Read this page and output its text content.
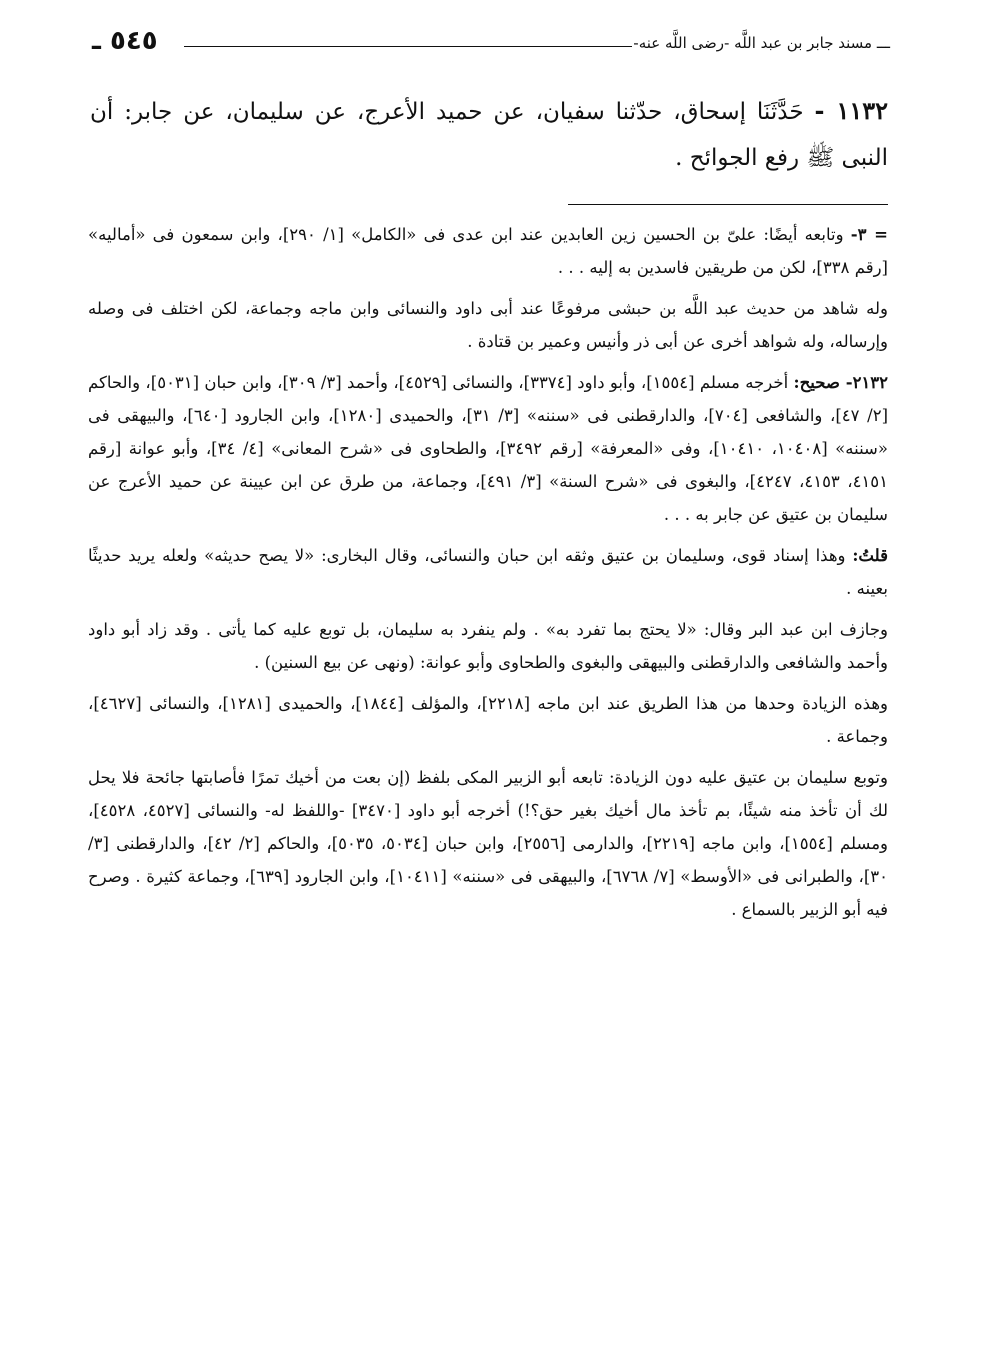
ـــ مسند جابر بن عبد اللَّه -رضى اللَّه عنه-
٥٤٥ ـ
١١٣٢ - حَدَّثَنَا إسحاق، حدّثنا سفيان، عن حميد الأعرج، عن سليمان، عن جابر: أن النبى ﷺ رفع الجوائح .

= ٣- وتابعه أيضًا: علىّ بن الحسين زين العابدين عند ابن عدى فى «الكامل» [١/ ٢٩٠]، وابن سمعون فى «أماليه» [رقم ٣٣٨]، لكن من طريقين فاسدين به إليه . . .

وله شاهد من حديث عبد اللَّه بن حبشى مرفوعًا عند أبى داود والنسائى وابن ماجه وجماعة، لكن اختلف فى وصله وإرساله، وله شواهد أخرى عن أبى ذر وأنيس وعمير بن قتادة .

٢١٣٢- صحيح: أخرجه مسلم [١٥٥٤]، وأبو داود [٣٣٧٤]، والنسائى [٤٥٢٩]، وأحمد [٣/ ٣٠٩]، وابن حبان [٥٠٣١]، والحاكم [٢/ ٤٧]، والشافعى [٧٠٤]، والدارقطنى فى «سننه» [٣/ ٣١]، والحميدى [١٢٨٠]، وابن الجارود [٦٤٠]، والبيهقى فى «سننه» [١٠٤٠٨، ١٠٤١٠]، وفى «المعرفة» [رقم ٣٤٩٢]، والطحاوى فى «شرح المعانى» [٤/ ٣٤]، وأبو عوانة [رقم ٤١٥١، ٤١٥٣، ٤٢٤٧]، والبغوى فى «شرح السنة» [٣/ ٤٩١]، وجماعة، من طرق عن ابن عيينة عن حميد الأعرج عن سليمان بن عتيق عن جابر به . . .

قلتُ: وهذا إسناد قوى، وسليمان بن عتيق وثقه ابن حبان والنسائى، وقال البخارى: «لا يصح حديثه» ولعله يريد حديثًا بعينه .

وجازف ابن عبد البر وقال: «لا يحتج بما تفرد به» . ولم ينفرد به سليمان، بل توبع عليه كما يأتى . وقد زاد أبو داود وأحمد والشافعى والدارقطنى والبيهقى والبغوى والطحاوى وأبو عوانة: (ونهى عن بيع السنين) .

وهذه الزيادة وحدها من هذا الطريق عند ابن ماجه [٢٢١٨]، والمؤلف [١٨٤٤]، والحميدى [١٢٨١]، والنسائى [٤٦٢٧]، وجماعة .

وتوبع سليمان بن عتيق عليه دون الزيادة: تابعه أبو الزبير المكى بلفظ (إن بعت من أخيك تمرًا فأصابتها جائحة فلا يحل لك أن تأخذ منه شيئًا، بم تأخذ مال أخيك بغير حق؟!) أخرجه أبو داود [٣٤٧٠] -واللفظ له- والنسائى [٤٥٢٧، ٤٥٢٨]، ومسلم [١٥٥٤]، وابن ماجه [٢٢١٩]، والدارمى [٢٥٥٦]، وابن حبان [٥٠٣٤، ٥٠٣٥]، والحاكم [٢/ ٤٢]، والدارقطنى [٣/ ٣٠]، والطبرانى فى «الأوسط» [٧/ ٦٧٦٨]، والبيهقى فى «سننه» [١٠٤١١]، وابن الجارود [٦٣٩]، وجماعة كثيرة . وصرح فيه أبو الزبير بالسماع .
